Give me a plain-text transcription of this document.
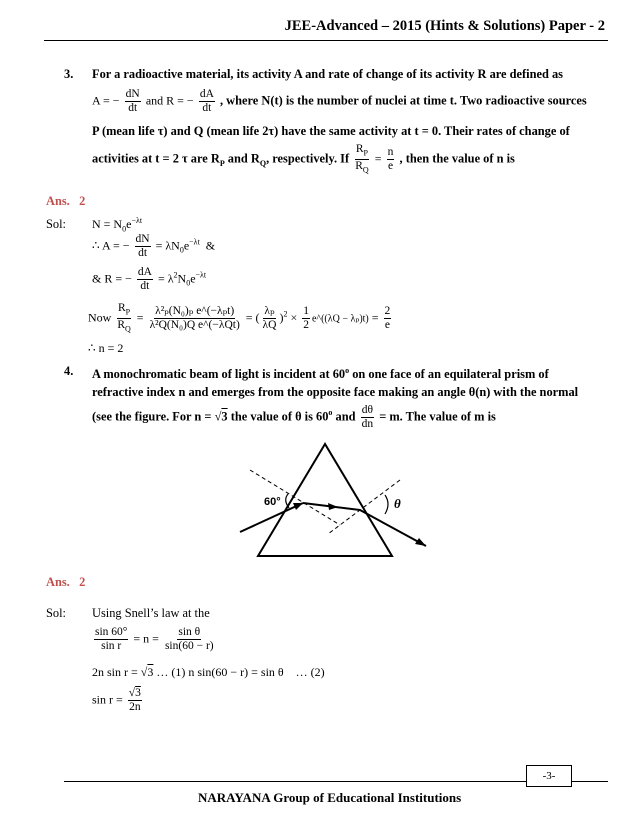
JEE-Advanced – 2015 (Hints & Solutions) Paper - 2
3. For a radioactive material, its activity A and rate of change of its activity R are defined as
A = − $\frac{dN}{dt}$ and R = − $\frac{dA}{dt}$ , where N(t) is the number of nuclei at time t. Two radioactive sources
P (mean life τ) and Q (mean life 2τ) have the same activity at t = 0. Their rates of change of
activities at t = 2 τ are $R_P$ and $R_Q$, respectively. If $\frac{R_P}{R_Q} = \frac{n}{e}$ , then the value of n is
Ans. 2
Sol: $N = N_0e^{-\lambda t}$
∴ A = − $\frac{dN}{dt} = \lambda N_0e^{-\lambda t}$ &
& R = − $\frac{dA}{dt} = \lambda^2N_0e^{-\lambda t}$
Now $\frac{R_P}{R_Q} = \frac{\text{λ²ₚ(N₀)ₚ e\textasciicircum{}(−λₚt)}}{\text{λ²Q(N₀)Q e\textasciicircum{}(−λQt)}}$ = ( $\frac{\text{λₚ}}{\lambda Q} )^2 \times \frac{1}{2}$ e^((λQ − $\lambda_p)t) = \frac{2}{e}$
∴ n = 2
4. A monochromatic beam of light is incident at 60$^o$ on one face of an equilateral prism of
refractive index n and emerges from the opposite face making an angle θ(n) with the normal
(see the figure. For n = √3 the value of θ is 60$^o$ and $\frac{d\theta}{dn} = m$. The value of m is
60°	θ
Ans. 2
Sol: Using Snell’s law at the
$\frac{\sin 60^\circ}{\text{sin r}} = n = \frac{\text{sin θ}}{\sin(60 - r)}$
2n sin r = √3 … (1) n sin(60 − r) = sin θ … (2)
$\sin r = \frac{√3}{2n}$
-3-
NARAYANA Group of Educational Institutions
